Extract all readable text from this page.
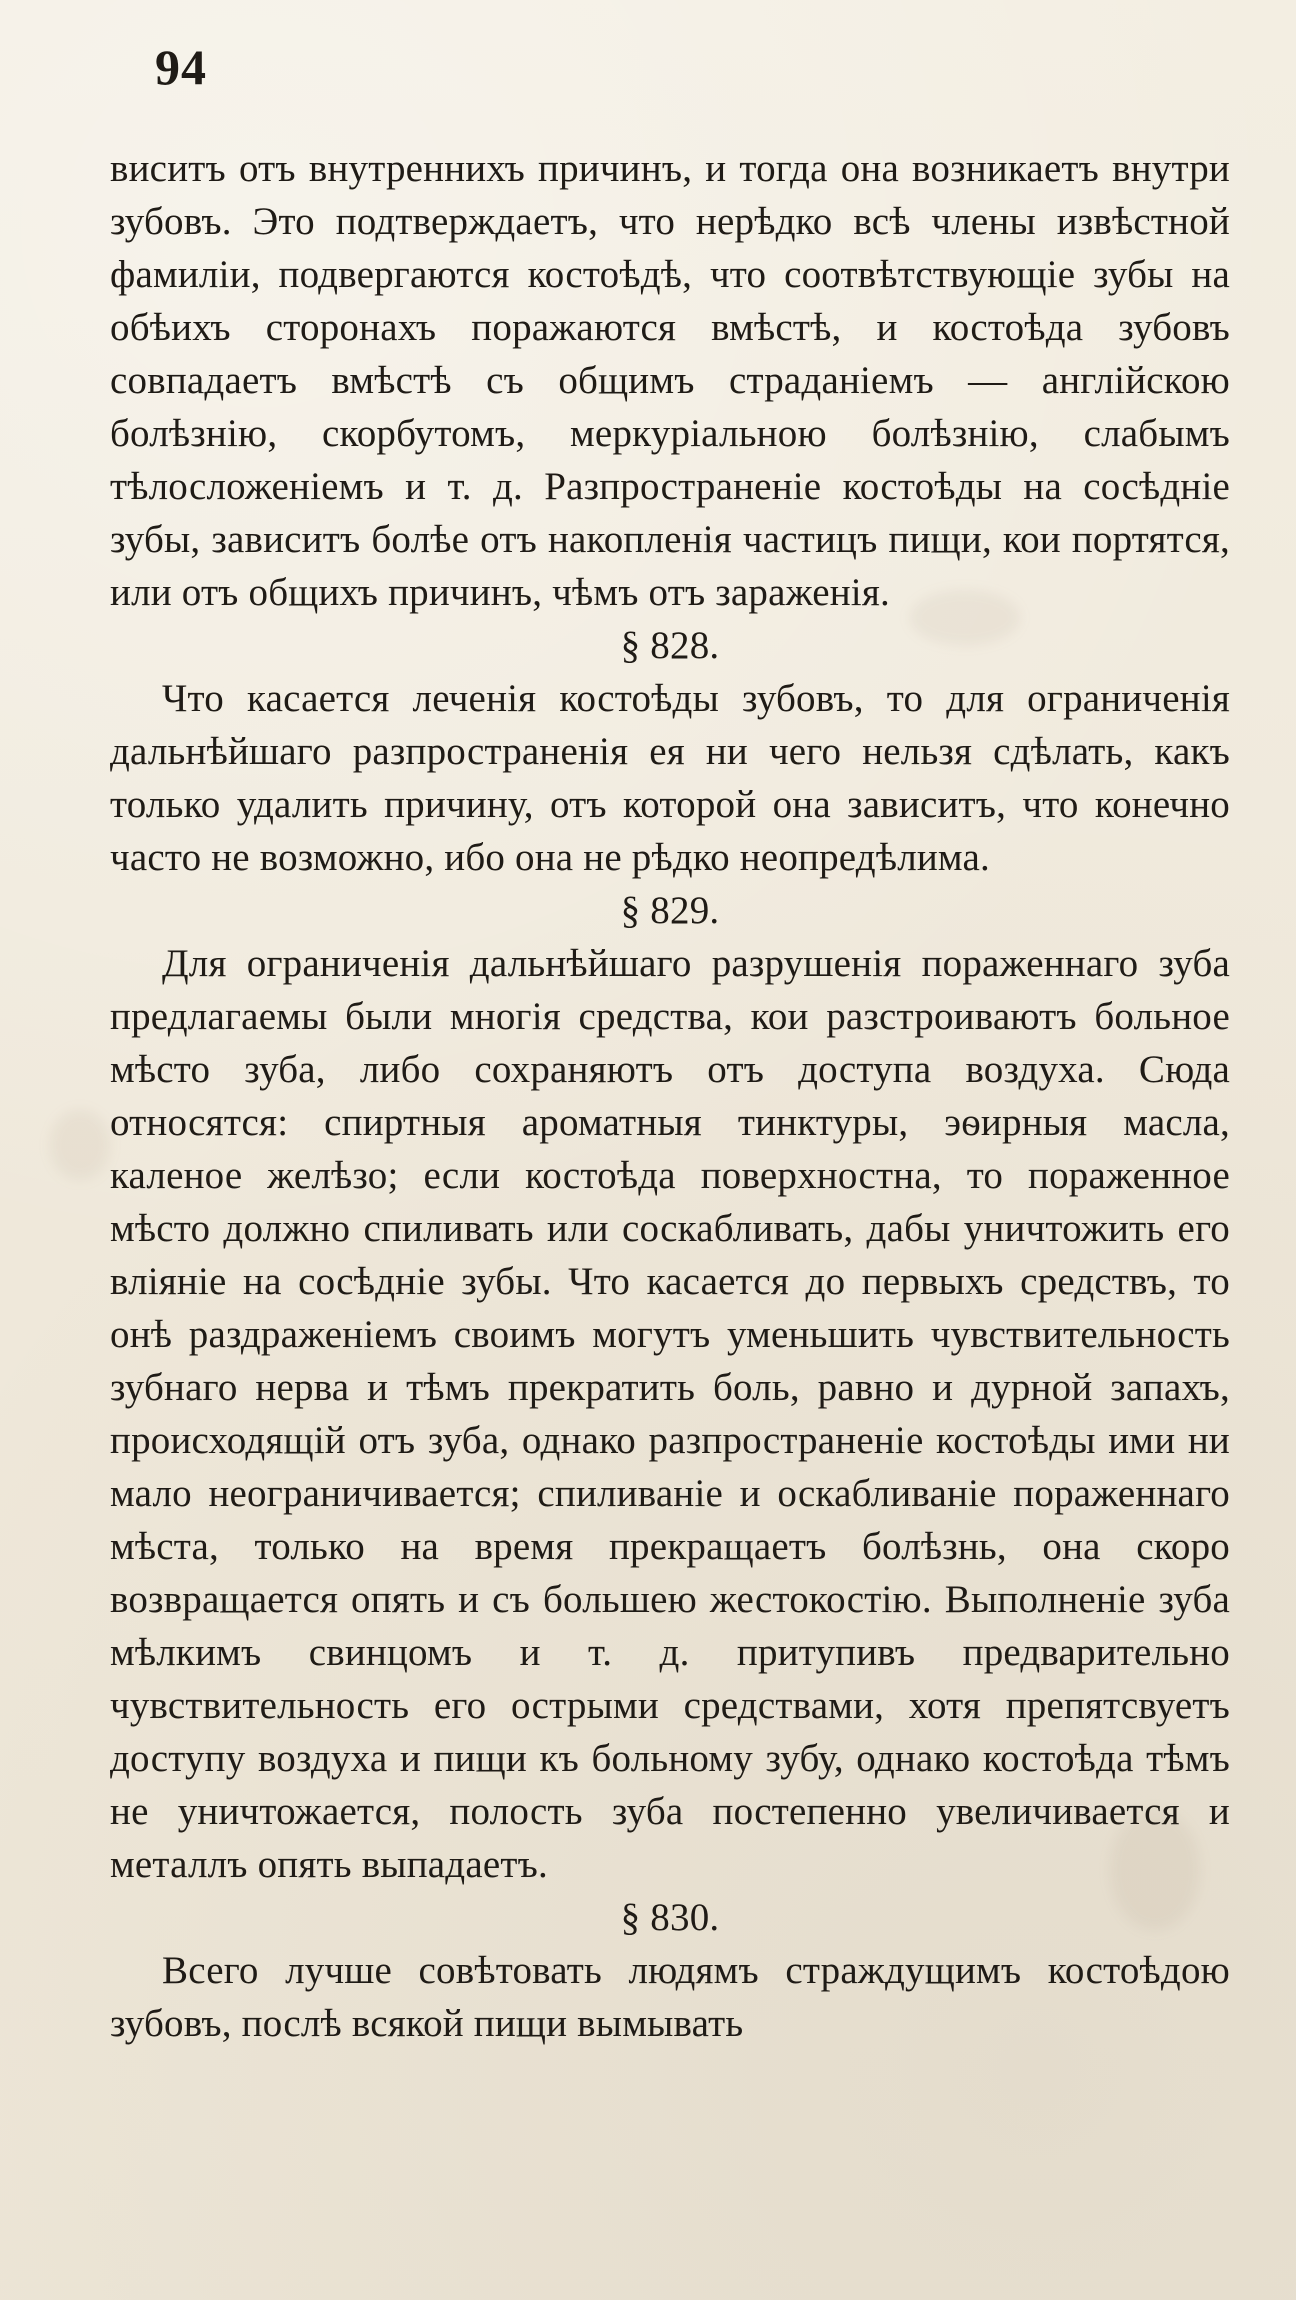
94

виситъ отъ внутреннихъ причинъ, и тогда она возникаетъ внутри зубовъ. Это подтверждаетъ, что нерѣдко всѣ члены извѣстной фамиліи, подвергаются костоѣдѣ, что соотвѣтствующіе зубы на обѣихъ сторонахъ поражаются вмѣстѣ, и костоѣда зубовъ совпадаетъ вмѣстѣ съ общимъ страданіемъ — англійскою болѣзнію, скорбутомъ, меркуріальною болѣзнію, слабымъ тѣлосложеніемъ и т. д. Разпространеніе костоѣды на сосѣдніе зубы, зависитъ болѣе отъ накопленія частицъ пищи, кои портятся, или отъ общихъ причинъ, чѣмъ отъ зараженія.

§ 828.

Что касается леченія костоѣды зубовъ, то для ограниченія дальнѣйшаго разпространенія ея ни чего нельзя сдѣлать, какъ только удалить причину, отъ которой она зависитъ, что конечно часто не возможно, ибо она не рѣдко неопредѣлима.

§ 829.

Для ограниченія дальнѣйшаго разрушенія пораженнаго зуба предлагаемы были многія средства, кои разстроиваютъ больное мѣсто зуба, либо сохраняютъ отъ доступа воздуха. Сюда относятся: спиртныя ароматныя тинктуры, эѳирныя масла, каленое желѣзо; если костоѣда поверхностна, то пораженное мѣсто должно спиливать или соскабливать, дабы уничтожить его вліяніе на сосѣдніе зубы. Что касается до первыхъ средствъ, то онѣ раздраженіемъ своимъ могутъ уменьшить чувствительность зубнаго нерва и тѣмъ прекратить боль, равно и дурной запахъ, происходящій отъ зуба, однако разпространеніе костоѣды ими ни мало неограничивается; спиливаніе и оскабливаніе пораженнаго мѣста, только на время прекращаетъ болѣзнь, она скоро возвращается опять и съ большею жестокостію. Выполненіе зуба мѣлкимъ свинцомъ и т. д. притупивъ предварительно чувствительность его острыми средствами, хотя препятсвуетъ доступу воздуха и пищи къ больному зубу, однако костоѣда тѣмъ не уничтожается, полость зуба постепенно увеличивается и металлъ опять выпадаетъ.

§ 830.

Всего лучше совѣтовать людямъ страждущимъ костоѣдою зубовъ, послѣ всякой пищи вымывать
